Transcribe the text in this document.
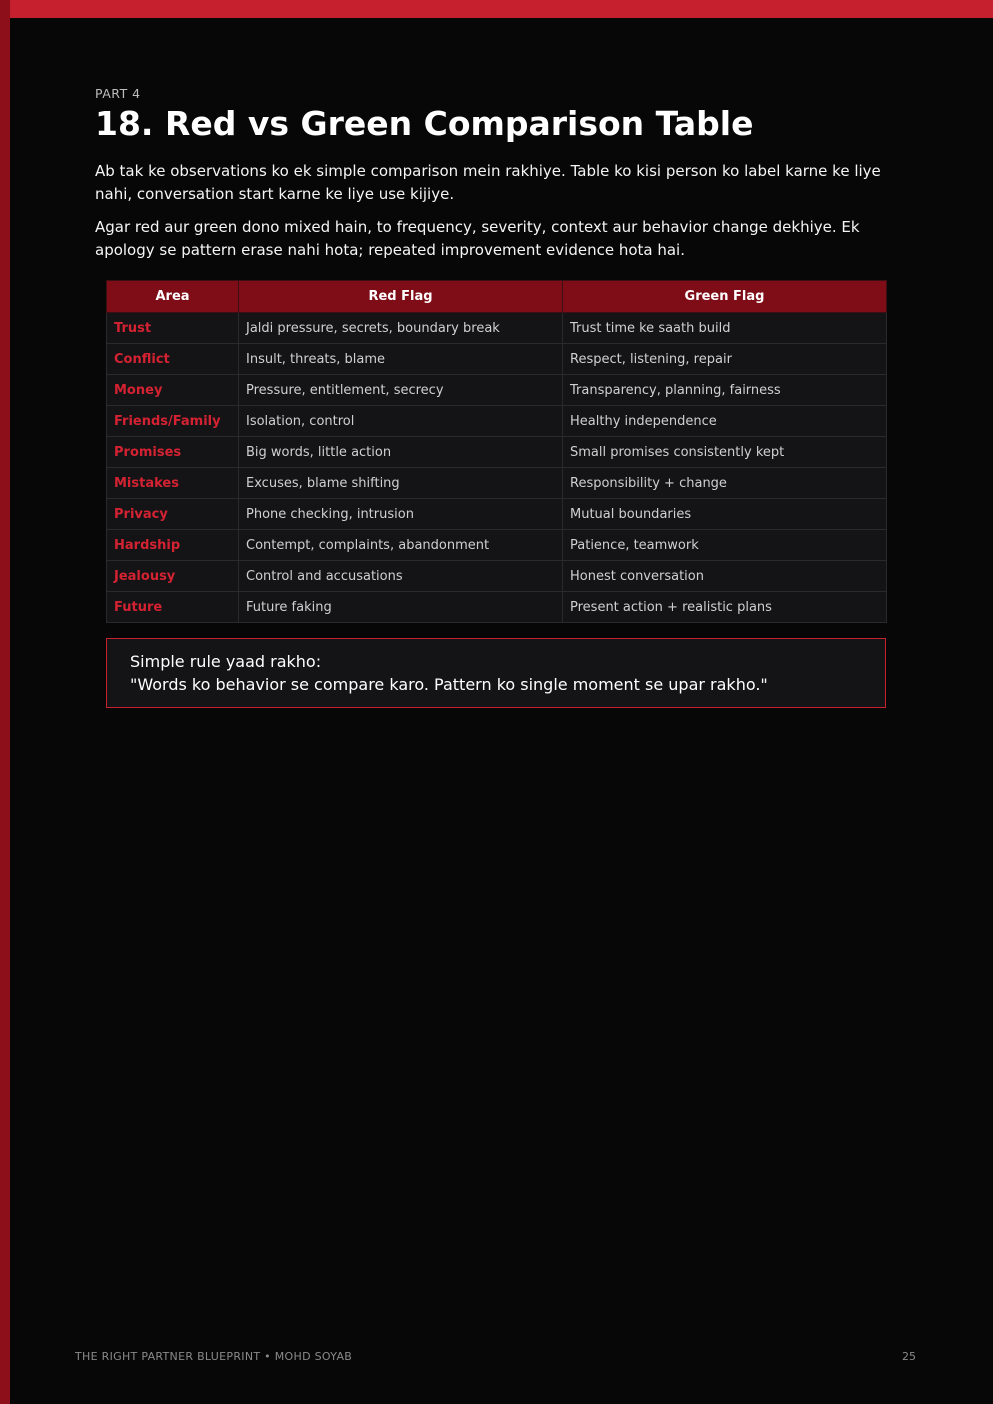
PART 4

18. Red vs Green Comparison Table

Ab tak ke observations ko ek simple comparison mein rakhiye. Table ko kisi person ko label karne ke liye nahi, conversation start karne ke liye use kijiye.

Agar red aur green dono mixed hain, to frequency, severity, context aur behavior change dekhiye. Ek apology se pattern erase nahi hota; repeated improvement evidence hota hai.

Area	Red Flag	Green Flag
Trust	Jaldi pressure, secrets, boundary break	Trust time ke saath build
Conflict	Insult, threats, blame	Respect, listening, repair
Money	Pressure, entitlement, secrecy	Transparency, planning, fairness
Friends/Family	Isolation, control	Healthy independence
Promises	Big words, little action	Small promises consistently kept
Mistakes	Excuses, blame shifting	Responsibility + change
Privacy	Phone checking, intrusion	Mutual boundaries
Hardship	Contempt, complaints, abandonment	Patience, teamwork
Jealousy	Control and accusations	Honest conversation
Future	Future faking	Present action + realistic plans
Simple rule yaad rakho:
"Words ko behavior se compare karo. Pattern ko single moment se upar rakho."
THE RIGHT PARTNER BLUEPRINT • MOHD SOYAB	25
